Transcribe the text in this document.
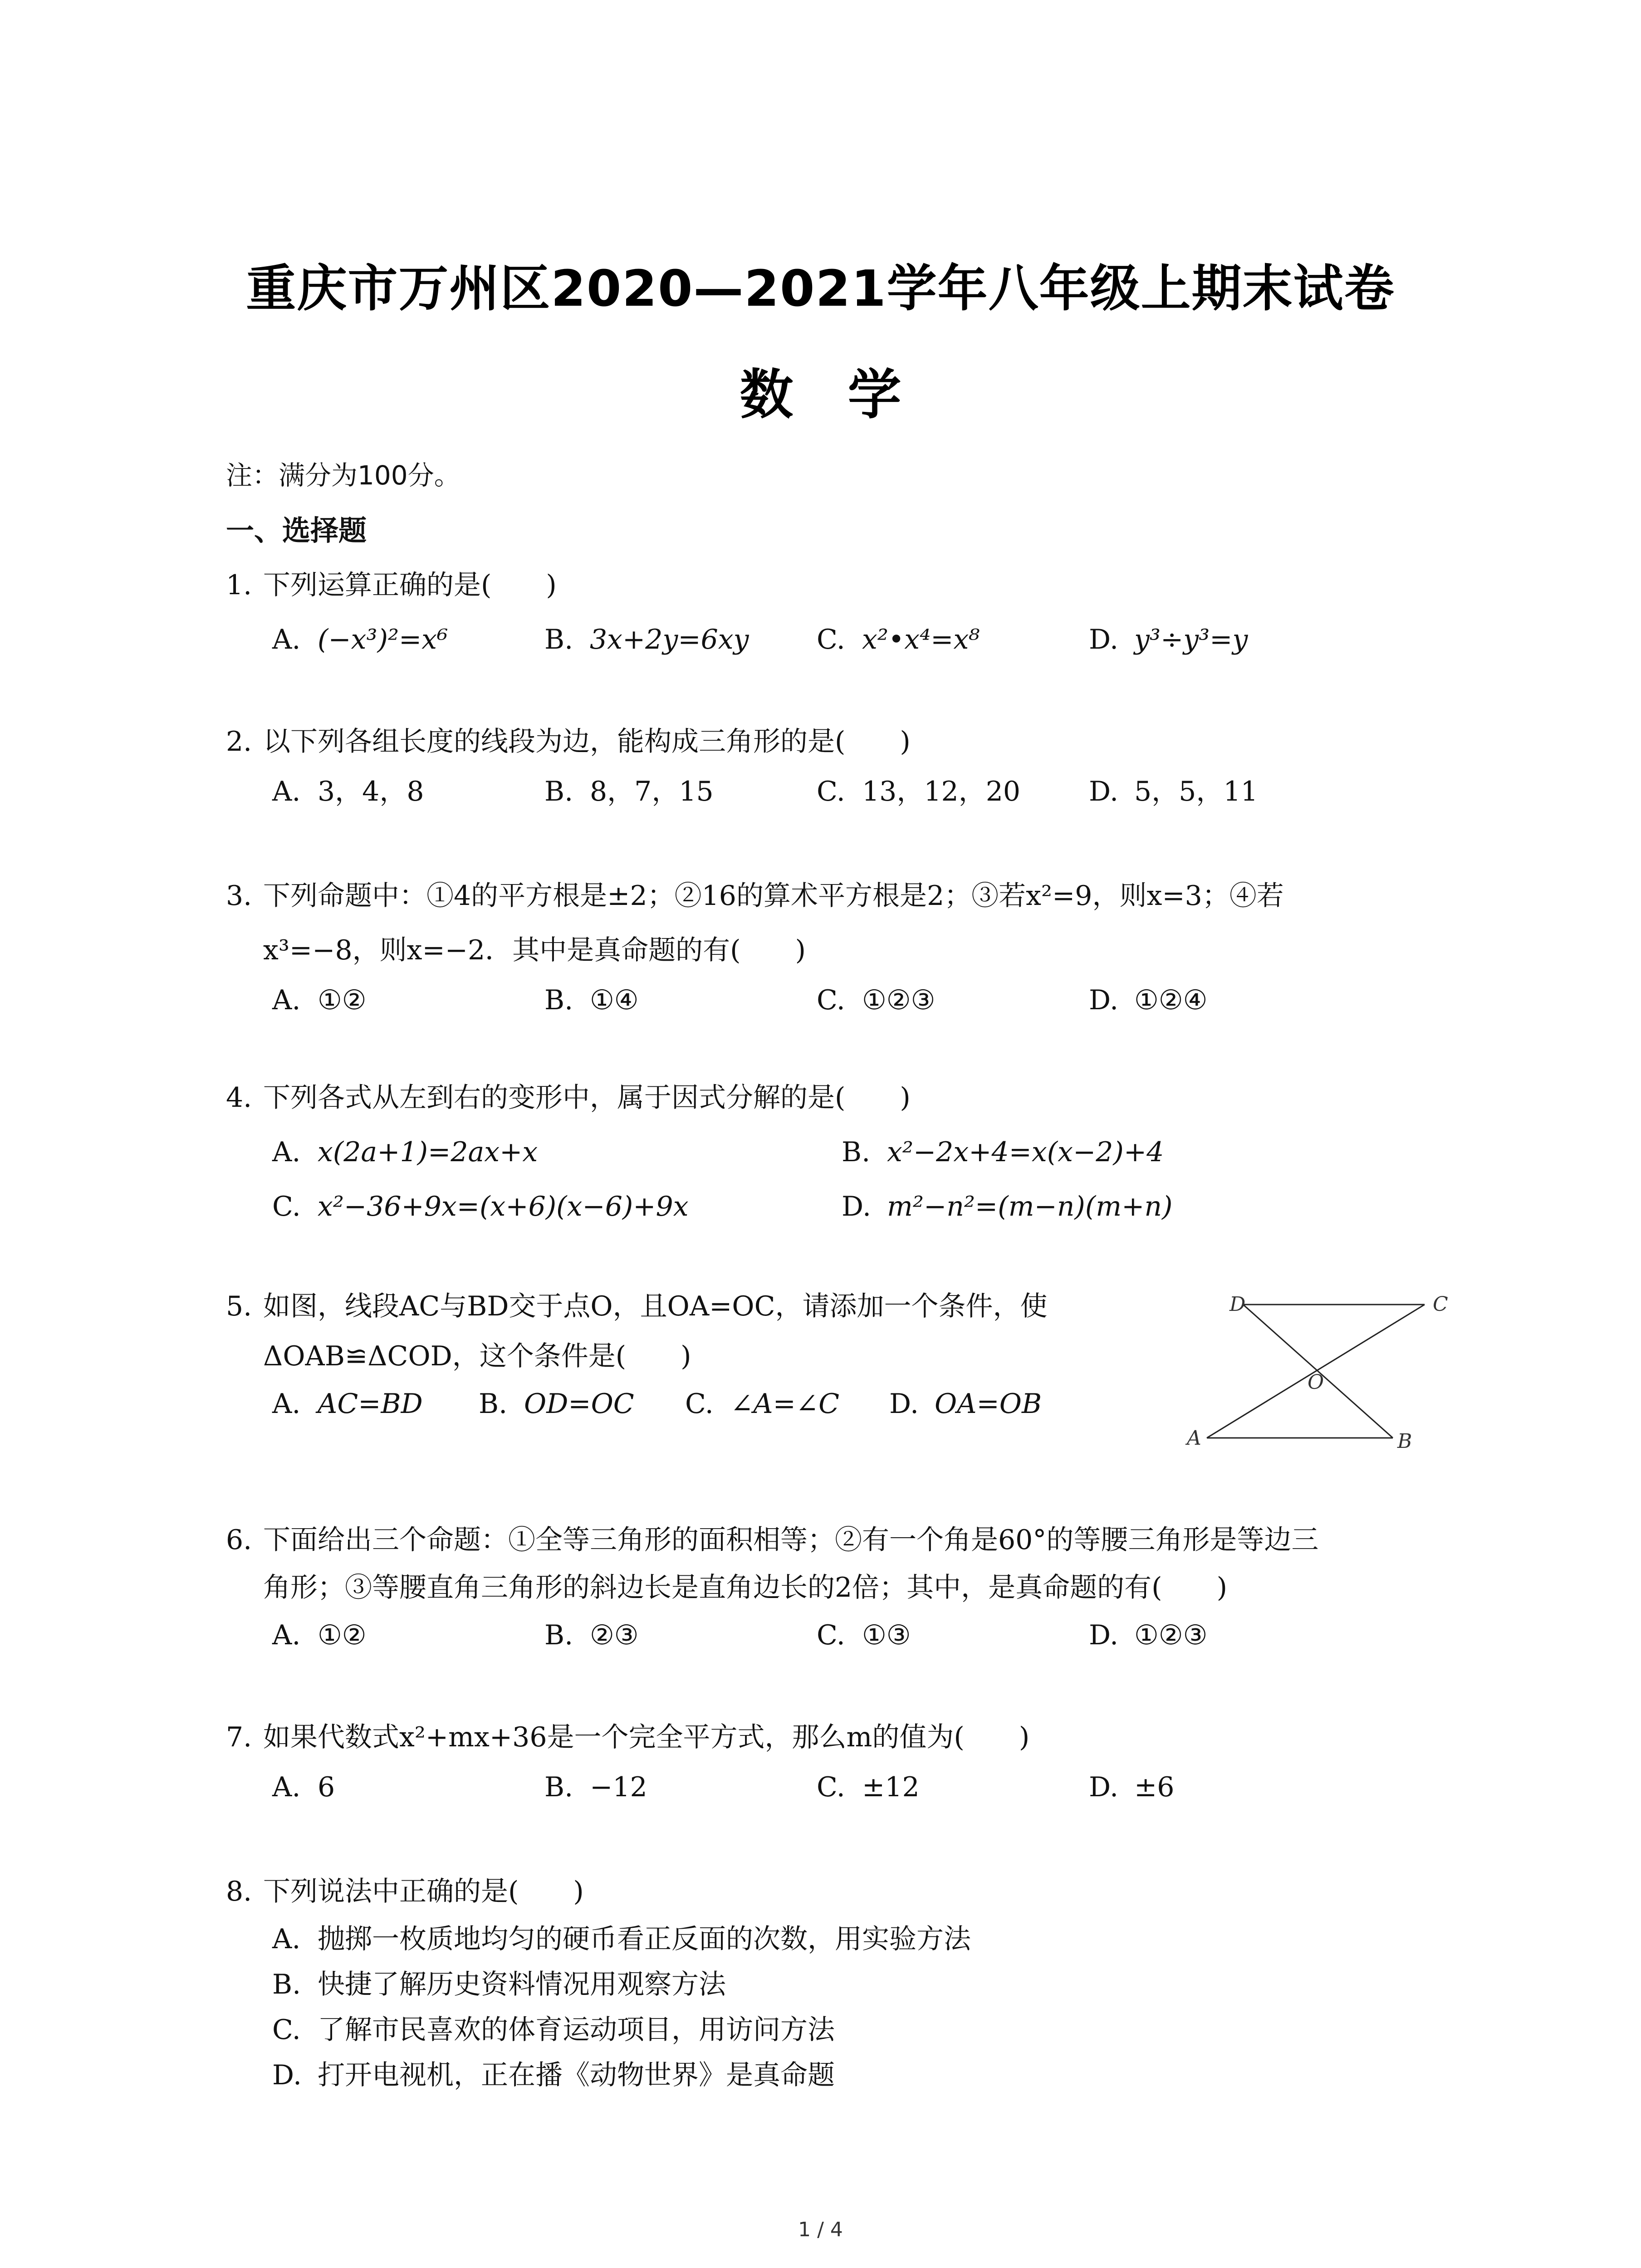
重庆市万州区2020—2021学年八年级上期末试卷
数学
注：满分为100分。
一、选择题
1. 下列运算正确的是(　　)
A. (−x³)²=x⁶	B. 3x+2y=6xy C. x²•x⁴=x⁸	D. y³÷y³=y
2. 以下列各组长度的线段为边，能构成三角形的是(　　)
A. 3，4，8	B. 8，7，15	C. 13，12，20	D. 5，5，11
3. 下列命题中：①4的平方根是±2；②16的算术平方根是2；③若x²=9，则x=3；④若
x³=−8，则x=−2．其中是真命题的有(　　)
A. ①②	B. ①④	C. ①②③	D. ①②④
4. 下列各式从左到右的变形中，属于因式分解的是(　　)
A. x(2a+1)=2ax+x	B. x²−2x+4=x(x−2)+4
C. x²−36+9x=(x+6)(x−6)+9x	D. m²−n²=(m−n)(m+n)
5. 如图，线段AC与BD交于点O，且OA=OC，请添加一个条件，使
ΔOAB≌ΔCOD，这个条件是(　　)
A. AC=BD B. OD=OC C. ∠A=∠C D. OA=OB
D	C
O
A	B
6. 下面给出三个命题：①全等三角形的面积相等；②有一个角是60°的等腰三角形是等边三
角形；③等腰直角三角形的斜边长是直角边长的2倍；其中，是真命题的有(　　)
A. ①②	B. ②③	C. ①③	D. ①②③
7. 如果代数式x²+mx+36是一个完全平方式，那么m的值为(　　)
A. 6	B. −12	C. ±12	D. ±6
8. 下列说法中正确的是(　　)
A. 抛掷一枚质地均匀的硬币看正反面的次数，用实验方法
B. 快捷了解历史资料情况用观察方法
C. 了解市民喜欢的体育运动项目，用访问方法
D. 打开电视机，正在播《动物世界》是真命题
1 / 4
